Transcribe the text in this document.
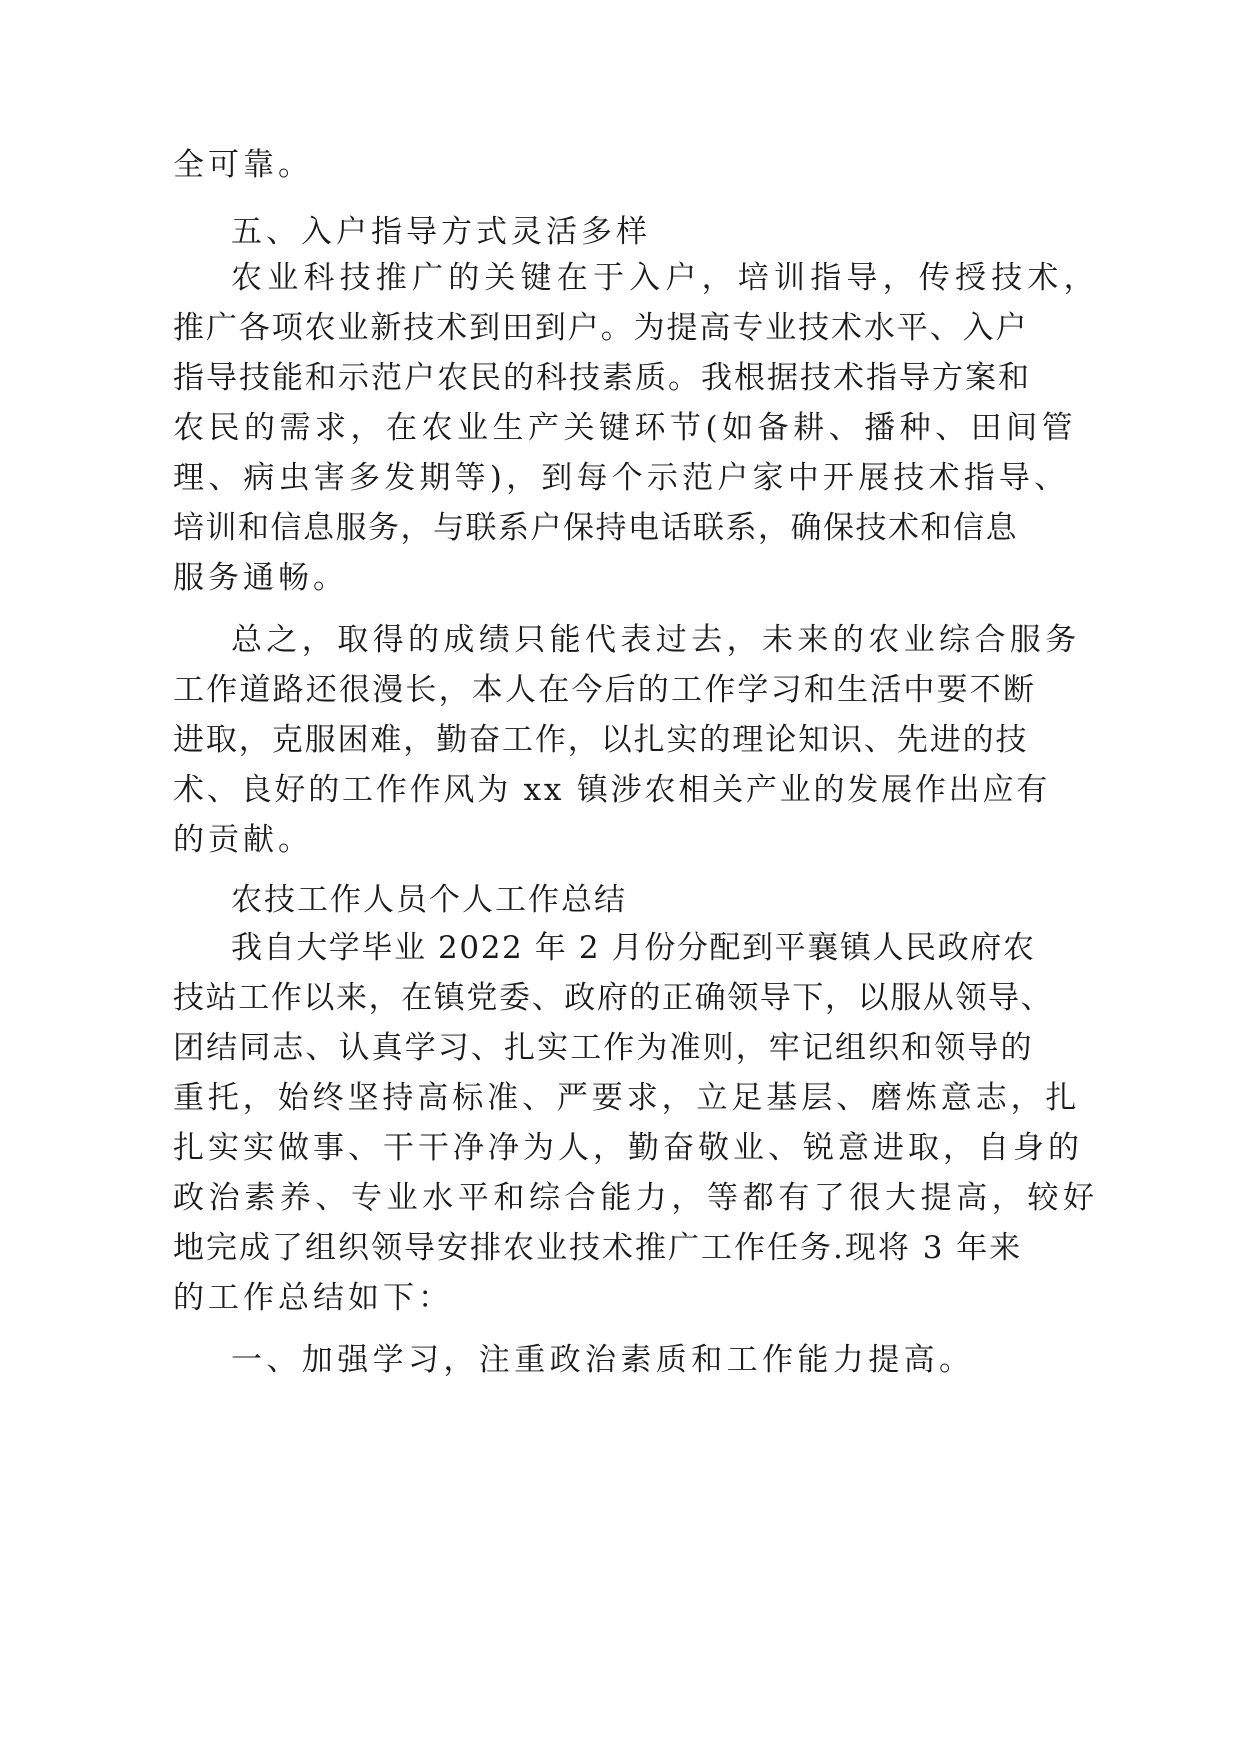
全可靠。
五、入户指导方式灵活多样
农业科技推广的关键在于入户，培训指导，传授技术，
推广各项农业新技术到田到户。为提高专业技术水平、入户
指导技能和示范户农民的科技素质。我根据技术指导方案和
农民的需求，在农业生产关键环节(如备耕、播种、田间管
理、病虫害多发期等)，到每个示范户家中开展技术指导、
培训和信息服务，与联系户保持电话联系，确保技术和信息
服务通畅。
总之，取得的成绩只能代表过去，未来的农业综合服务
工作道路还很漫长，本人在今后的工作学习和生活中要不断
进取，克服困难，勤奋工作，以扎实的理论知识、先进的技
术、良好的工作作风为 xx 镇涉农相关产业的发展作出应有
的贡献。
农技工作人员个人工作总结
我自大学毕业 2022 年 2 月份分配到平襄镇人民政府农
技站工作以来，在镇党委、政府的正确领导下，以服从领导、
团结同志、认真学习、扎实工作为准则，牢记组织和领导的
重托，始终坚持高标准、严要求，立足基层、磨炼意志，扎
扎实实做事、干干净净为人，勤奋敬业、锐意进取，自身的
政治素养、专业水平和综合能力，等都有了很大提高，较好
地完成了组织领导安排农业技术推广工作任务.现将 3 年来
的工作总结如下：
一、加强学习，注重政治素质和工作能力提高。
